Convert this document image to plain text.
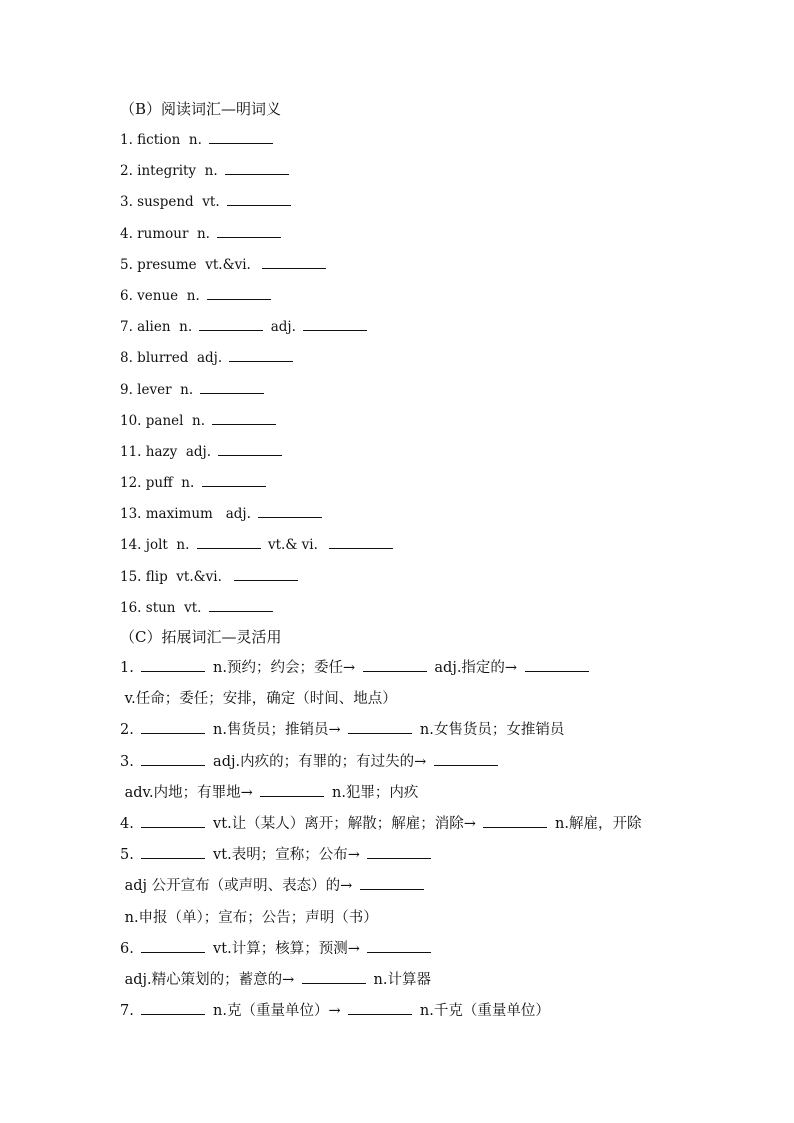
（B）阅读词汇—明词义
1. fiction  n.
2. integrity  n.
3. suspend  vt.
4. rumour  n.
5. presume  vt.&vi.
6. venue  n.
7. alien  n.	adj.
8. blurred  adj.
9. lever  n.
10. panel  n.
11. hazy  adj.
12. puff  n.
13. maximum   adj.
14. jolt  n.	vt.& vi.
15. flip  vt.&vi.
16. stun  vt.
（C）拓展词汇—灵活用
1.	n.预约；约会；委任→	adj.指定的→  v.任命；委任；安排，确定（时间、地点）
2.	n.售货员；推销员→	n.女售货员；女推销员
3.	adj.内疚的；有罪的；有过失的→  adv.内地；有罪地→	n.犯罪；内疚
4.	vt.让（某人）离开；解散；解雇；消除→	n.解雇，开除
5.	vt.表明；宣称；公布→  adj 公开宣布（或声明、表态）的→  n.申报（单）；宣布；公告；声明（书）
6.	vt.计算；核算；预测→  adj.精心策划的；蓄意的→	n.计算器
7.	n.克（重量单位）→	n.千克（重量单位）
